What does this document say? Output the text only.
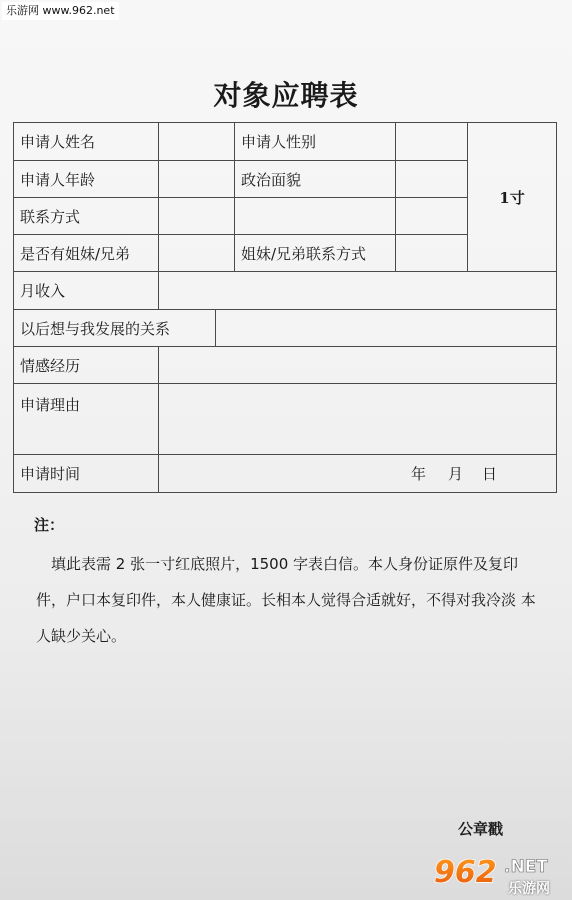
乐游网 www.962.net
对象应聘表
申请人姓名			申请人性别		1寸
申请人年龄			政治面貌		
联系方式					
是否有姐妹/兄弟			姐妹/兄弟联系方式		
月收入					
以后想与我发展的关系					
情感经历					
申请理由					
申请时间	年 月 日				
注：
填此表需 2 张一寸红底照片，1500 字表白信。本人身份证原件及复印件，户口本复印件，本人健康证。长相本人觉得合适就好，不得对我冷淡 本人缺少关心。
公章戳
962 .NET
乐游网
